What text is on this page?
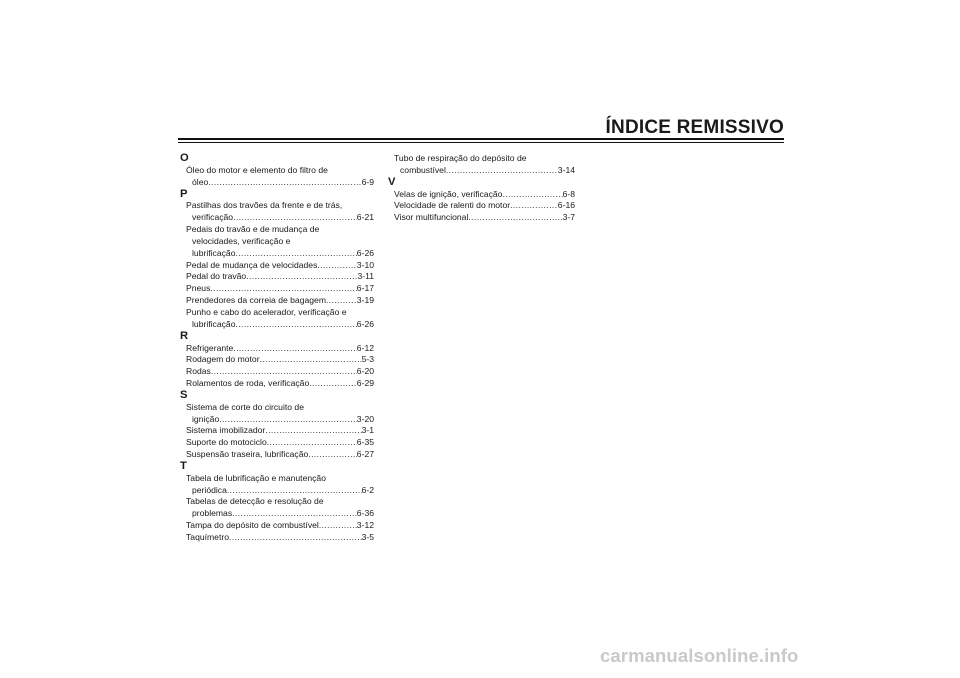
ÍNDICE REMISSIVO
O
Óleo do motor e elemento do filtro de
óleo .....	6-9
P
Pastilhas dos travões da frente e de trás,
verificação .....	6-21
Pedais do travão e de mudança de
velocidades, verificação e
lubrificação .....	6-26
Pedal de mudança de velocidades .....	3-10
Pedal do travão .....	3-11
Pneus .....	6-17
Prendedores da correia de bagagem .....	3-19
Punho e cabo do acelerador, verificação e
lubrificação .....	6-26
R
Refrigerante .....	6-12
Rodagem do motor .....	5-3
Rodas .....	6-20
Rolamentos de roda, verificação .....	6-29
S
Sistema de corte do circuito de
ignição .....	3-20
Sistema imobilizador .....	3-1
Suporte do motociclo .....	6-35
Suspensão traseira, lubrificação .....	6-27
T
Tabela de lubrificação e manutenção
periódica .....	6-2
Tabelas de detecção e resolução de
problemas .....	6-36
Tampa do depósito de combustível .....	3-12
Taquímetro .....	3-5
Tubo de respiração do depósito de
combustível .....	3-14
V
Velas de ignição, verificação .....	6-8
Velocidade de ralenti do motor .....	6-16
Visor multifuncional .....	3-7
carmanualsonline.info
